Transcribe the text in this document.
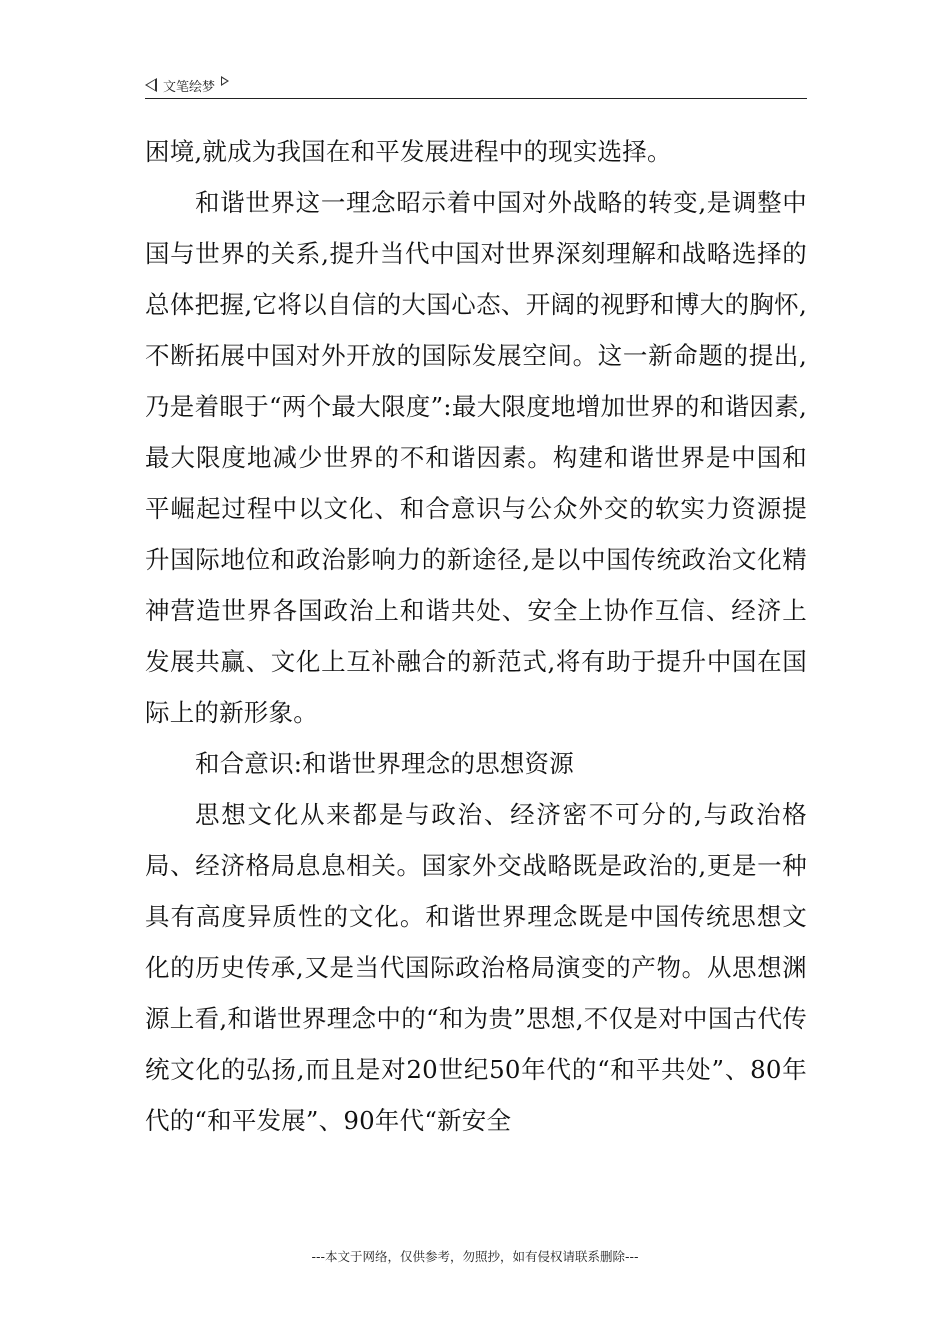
文笔绘梦

困境,就成为我国在和平发展进程中的现实选择。

和谐世界这一理念昭示着中国对外战略的转变,是调整中国与世界的关系,提升当代中国对世界深刻理解和战略选择的总体把握,它将以自信的大国心态、开阔的视野和博大的胸怀,不断拓展中国对外开放的国际发展空间。这一新命题的提出,乃是着眼于“两个最大限度”:最大限度地增加世界的和谐因素,最大限度地减少世界的不和谐因素。构建和谐世界是中国和平崛起过程中以文化、和合意识与公众外交的软实力资源提升国际地位和政治影响力的新途径,是以中国传统政治文化精神营造世界各国政治上和谐共处、安全上协作互信、经济上发展共赢、文化上互补融合的新范式,将有助于提升中国在国际上的新形象。

和合意识:和谐世界理念的思想资源

思想文化从来都是与政治、经济密不可分的,与政治格局、经济格局息息相关。国家外交战略既是政治的,更是一种具有高度异质性的文化。和谐世界理念既是中国传统思想文化的历史传承,又是当代国际政治格局演变的产物。从思想渊源上看,和谐世界理念中的“和为贵”思想,不仅是对中国古代传统文化的弘扬,而且是对20世纪50年代的“和平共处”、80年代的“和平发展”、90年代“新安全

---本文于网络，仅供参考，勿照抄，如有侵权请联系删除---
